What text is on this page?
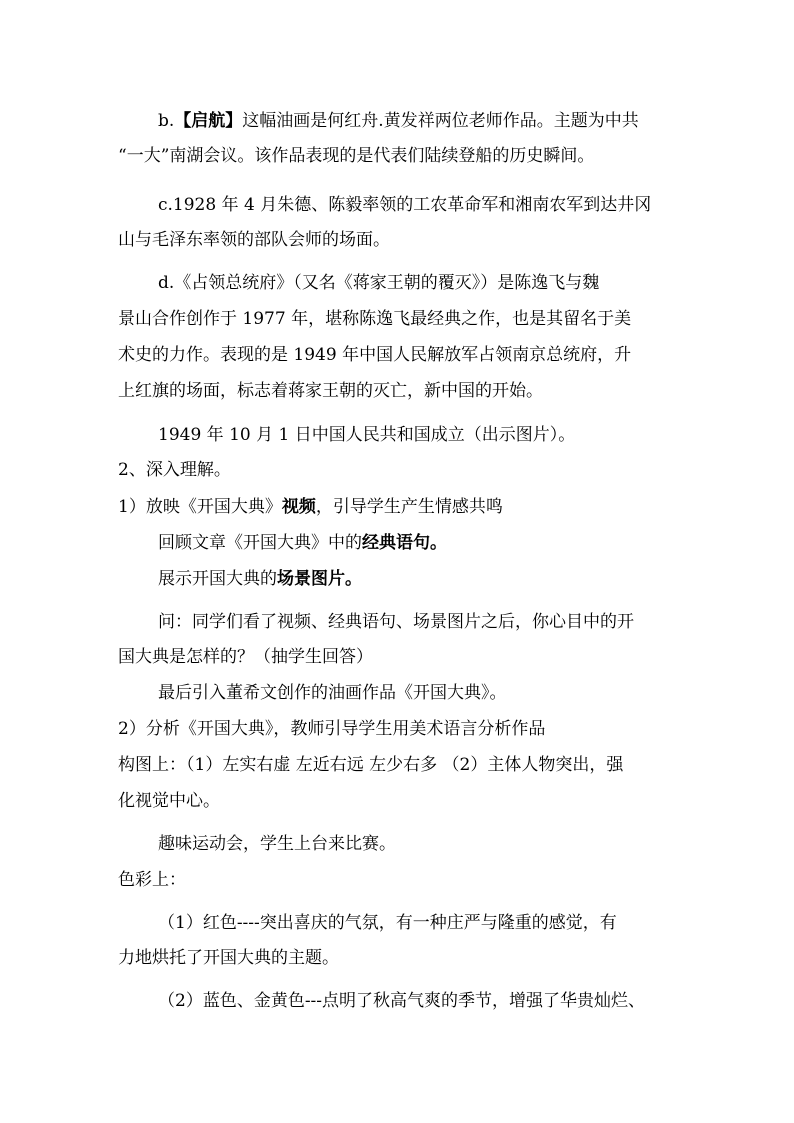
b.【启航】这幅油画是何红舟.黄发祥两位老师作品。主题为中共
“一大”南湖会议。该作品表现的是代表们陆续登船的历史瞬间。
c.1928 年 4 月朱德、陈毅率领的工农革命军和湘南农军到达井冈
山与毛泽东率领的部队会师的场面。
d.《占领总统府》（又名《蒋家王朝的覆灭》）是陈逸飞与魏
景山合作创作于 1977 年，堪称陈逸飞最经典之作，也是其留名于美
术史的力作。表现的是 1949 年中国人民解放军占领南京总统府，升
上红旗的场面，标志着蒋家王朝的灭亡，新中国的开始。
1949 年 10 月 1 日中国人民共和国成立（出示图片）。
2、深入理解。
1）放映《开国大典》视频，引导学生产生情感共鸣
回顾文章《开国大典》中的经典语句。
展示开国大典的场景图片。
问：同学们看了视频、经典语句、场景图片之后，你心目中的开
国大典是怎样的？（抽学生回答）
最后引入董希文创作的油画作品《开国大典》。
2）分析《开国大典》，教师引导学生用美术语言分析作品
构图上：（1）左实右虚 左近右远 左少右多 （2）主体人物突出，强
化视觉中心。
趣味运动会，学生上台来比赛。
色彩上：
（1）红色----突出喜庆的气氛，有一种庄严与隆重的感觉，有
力地烘托了开国大典的主题。
（2）蓝色、金黄色---点明了秋高气爽的季节，增强了华贵灿烂、
